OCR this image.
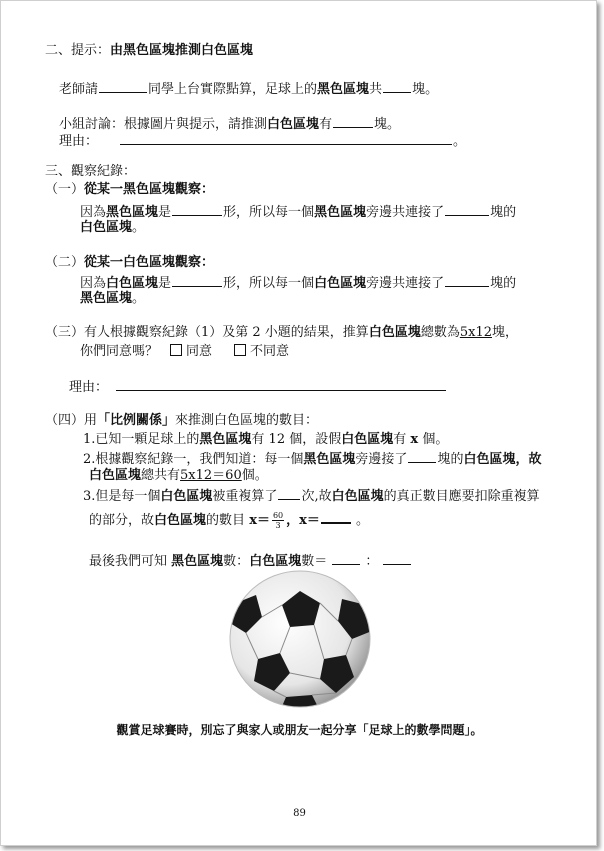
二、提示：由黑色區塊推測白色區塊
老師請	同學上台實際點算，足球上的黑色區塊共 塊。
小組討論：根據圖片與提示，請推測白色區塊有	塊。
理由：	。
三、觀察紀錄：
（一）從某一黑色區塊觀察：
因為黑色區塊是	形，所以每一個黑色區塊旁邊共連接了	塊的
白色區塊。
（二）從某一白色區塊觀察：
因為白色區塊是	形，所以每一個白色區塊旁邊共連接了	塊的
黑色區塊。
（三）有人根據觀察紀錄（1）及第 2 小題的結果，推算白色區塊總數為5x12塊，
你們同意嗎？ 同意	不同意
理由：
（四）用「比例關係」來推測白色區塊的數目：
1.已知一顆足球上的黑色區塊有 12 個，設假白色區塊有 x 個。
2.根據觀察紀錄一，我們知道：每一個黑色區塊旁邊接了 塊的白色區塊，故
白色區塊總共有5x12＝60個。
3.但是每一個白色區塊被重複算了 次,故白色區塊的真正數目應要扣除重複算
的部分，故白色區塊的數目 $x= \frac{60}{3}$ ，x＝	。
最後我們可知 黑色區塊數：白色區塊數＝	：
觀賞足球賽時，別忘了與家人或朋友一起分享「足球上的數學問題」。
89
